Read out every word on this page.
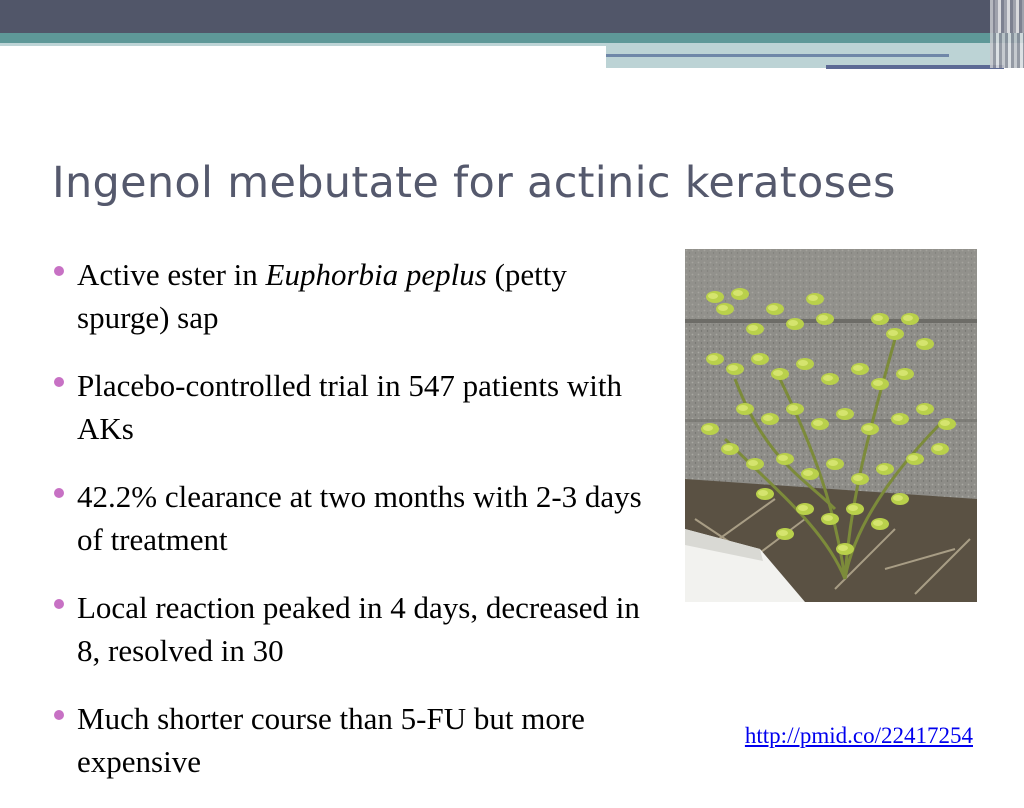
Ingenol mebutate for actinic keratoses
Active ester in Euphorbia peplus (petty spurge) sap
Placebo-controlled trial in 547 patients with AKs
42.2% clearance at two months with 2-3 days of treatment
Local reaction peaked in 4 days, decreased in 8, resolved in 30
Much shorter course than 5-FU but more expensive
http://pmid.co/22417254
